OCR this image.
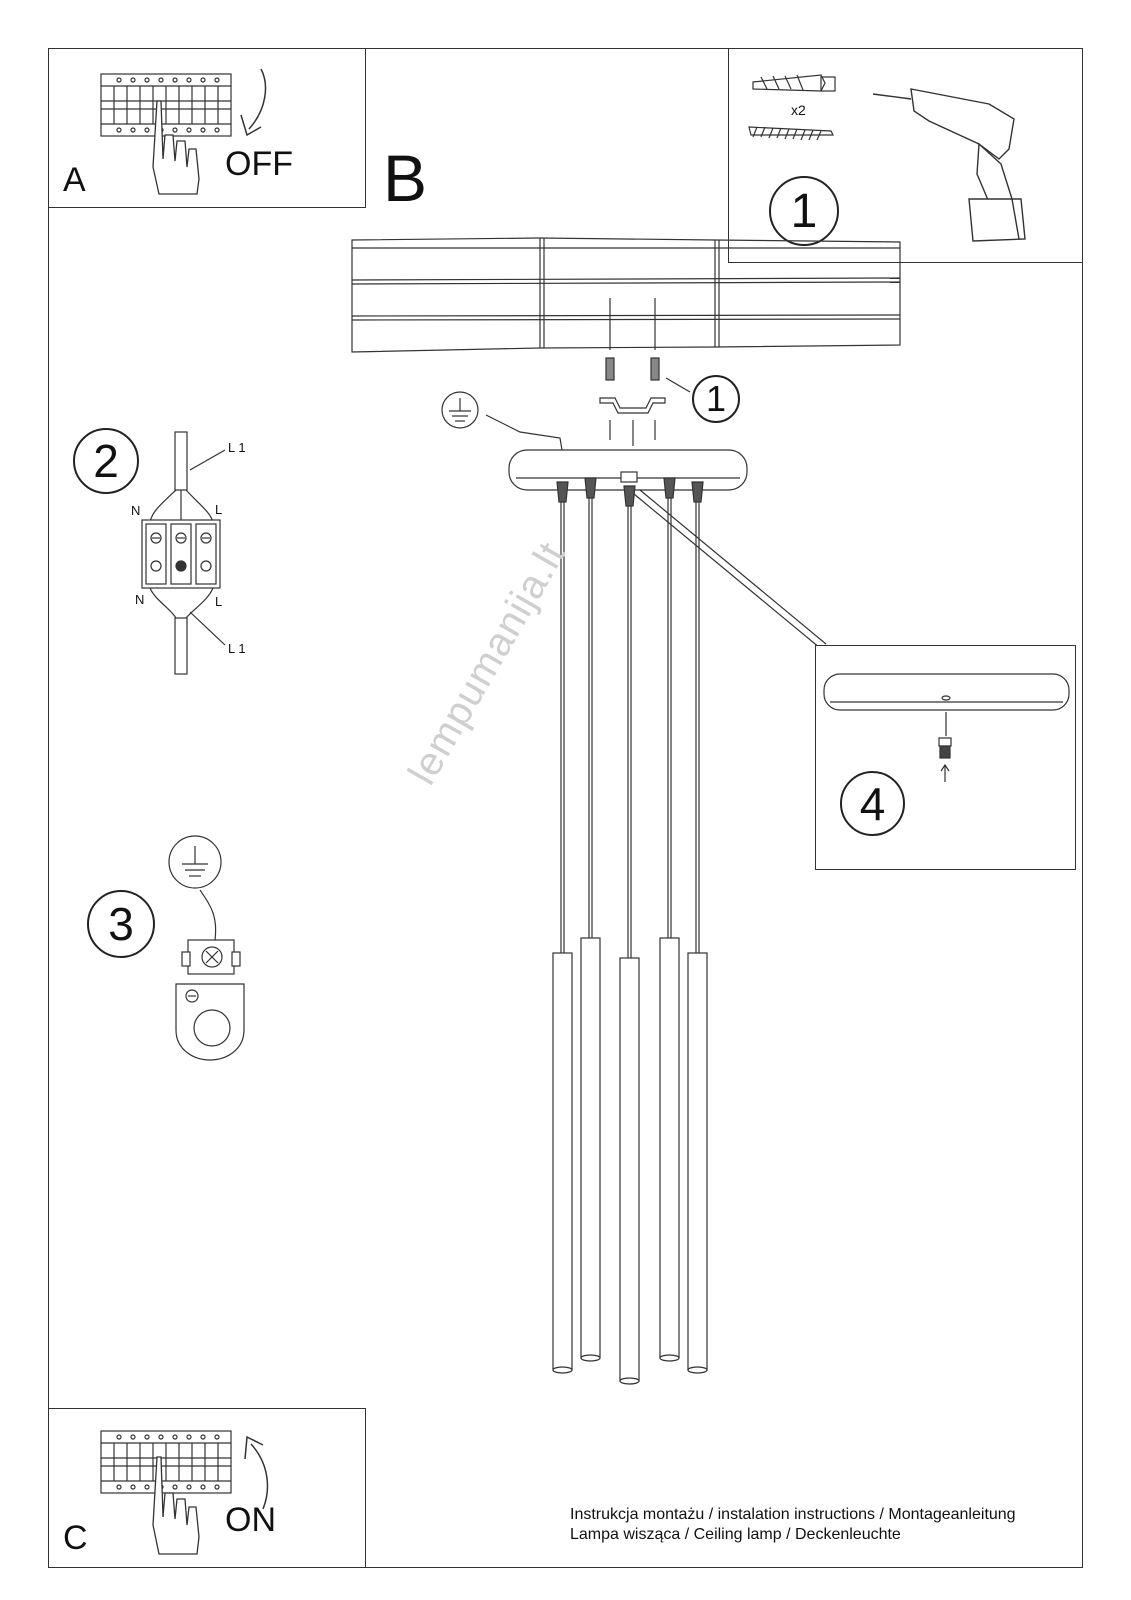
A	OFF B
x2
1
1
4
2	L 1
N	L
N	L
L 1
3
lempumanija.lt
C	ON	Instrukcja montażu / instalation instructions / Montageanleitung
Lampa wisząca / Ceiling lamp / Deckenleuchte
